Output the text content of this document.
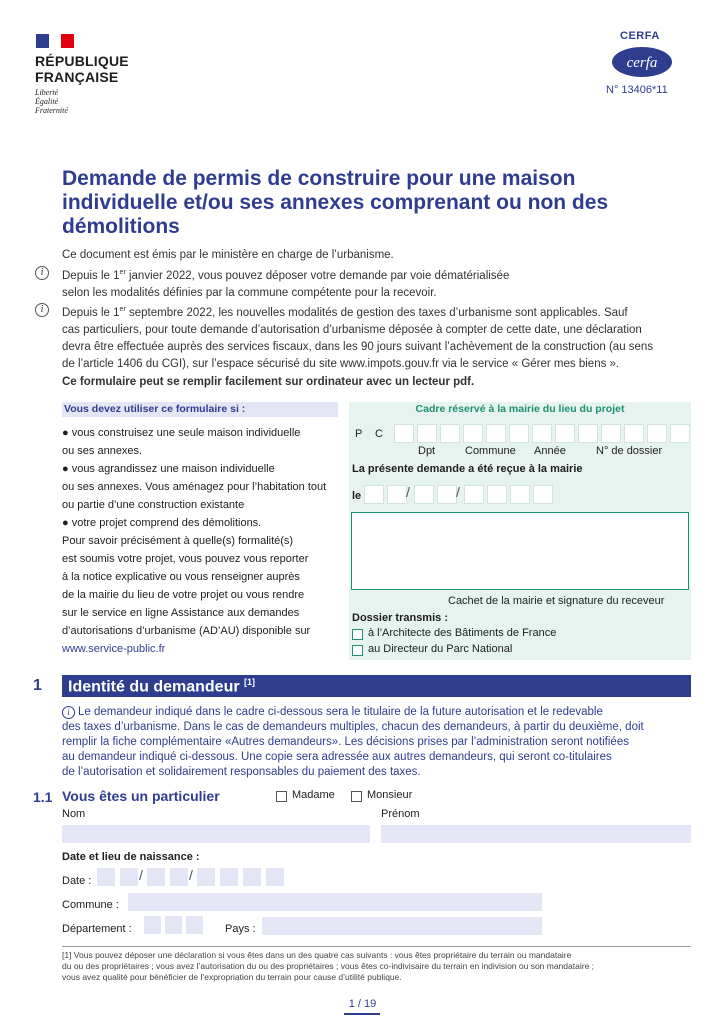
RÉPUBLIQUE
FRANÇAISE
Liberté
Égalité
Fraternité
CERFA
cerfa
N° 13406*11
Demande de permis de construire pour une maison individuelle et/ou ses annexes comprenant ou non des démolitions
Ce document est émis par le ministère en charge de l’urbanisme.
i	Depuis le 1er janvier 2022, vous pouvez déposer votre demande par voie dématérialisée
selon les modalités définies par la commune compétente pour la recevoir.
i	Depuis le 1er septembre 2022, les nouvelles modalités de gestion des taxes d’urbanisme sont applicables. Sauf
cas particuliers, pour toute demande d’autorisation d’urbanisme déposée à compter de cette date, une déclaration
devra être effectuée auprès des services fiscaux, dans les 90 jours suivant l’achèvement de la construction (au sens
de l’article 1406 du CGI), sur l’espace sécurisé du site www.impots.gouv.fr via le service « Gérer mes biens ».
Ce formulaire peut se remplir facilement sur ordinateur avec un lecteur pdf.
Vous devez utiliser ce formulaire si :
● vous construisez une seule maison individuelle
ou ses annexes.
● vous agrandissez une maison individuelle
ou ses annexes. Vous aménagez pour l’habitation tout
ou partie d’une construction existante
● votre projet comprend des démolitions.
Pour savoir précisément à quelle(s) formalité(s)
est soumis votre projet, vous pouvez vous reporter
à la notice explicative ou vous renseigner auprès
de la mairie du lieu de votre projet ou vous rendre
sur le service en ligne Assistance aux demandes
d’autorisations d’urbanisme (AD’AU) disponible sur
www.service-public.fr
Cadre réservé à la mairie du lieu du projet
P C
Dpt	Commune Année	N° de dossier
La présente demande a été reçue à la mairie
le	/	/
Cachet de la mairie et signature du receveur
Dossier transmis :
à l’Architecte des Bâtiments de France
au Directeur du Parc National
1 Identité du demandeur [1]
i Le demandeur indiqué dans le cadre ci-dessous sera le titulaire de la future autorisation et le redevable
des taxes d’urbanisme. Dans le cas de demandeurs multiples, chacun des demandeurs, à partir du deuxième, doit
remplir la fiche complémentaire «Autres demandeurs». Les décisions prises par l’administration seront notifiées
au demandeur indiqué ci-dessous. Une copie sera adressée aux autres demandeurs, qui seront co-titulaires
de l’autorisation et solidairement responsables du paiement des taxes.
1.1 Vous êtes un particulier	Madame	Monsieur
Nom	Prénom
Date et lieu de naissance :
Date :	/	/
Commune :
Département :	Pays :
[1] Vous pouvez déposer une déclaration si vous êtes dans un des quatre cas suivants : vous êtes propriétaire du terrain ou mandataire
du ou des propriétaires ; vous avez l’autorisation du ou des propriétaires ; vous êtes co-indivisaire du terrain en indivision ou son mandataire ;
vous avez qualité pour bénéficier de l’expropriation du terrain pour cause d’utilité publique.
1 / 19
